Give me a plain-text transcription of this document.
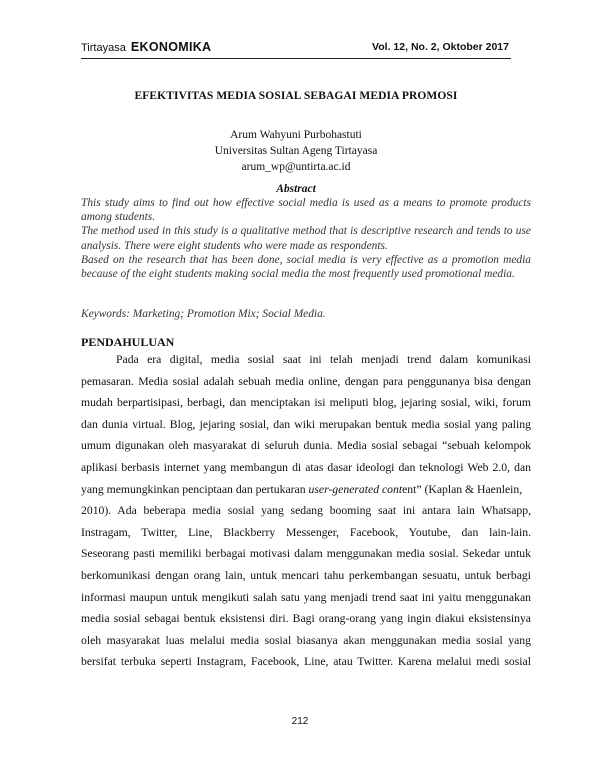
Tirtayasa EKONOMIKA	Vol. 12, No. 2, Oktober 2017
EFEKTIVITAS MEDIA SOSIAL SEBAGAI MEDIA PROMOSI
Arum Wahyuni Purbohastuti
Universitas Sultan Ageng Tirtayasa
arum_wp@untirta.ac.id
Abstract

This study aims to find out how effective social media is used as a means to promote products among students.

The method used in this study is a qualitative method that is descriptive research and tends to use analysis. There were eight students who were made as respondents.

Based on the research that has been done, social media is very effective as a promotion media because of the eight students making social media the most frequently used promotional media.

Keywords: Marketing; Promotion Mix; Social Media.
PENDAHULUAN
Pada era digital, media sosial saat ini telah menjadi trend dalam komunikasi
pemasaran. Media sosial adalah sebuah media online, dengan para penggunanya bisa dengan
mudah berpartisipasi, berbagi, dan menciptakan isi meliputi blog, jejaring sosial, wiki, forum
dan dunia virtual. Blog, jejaring sosial, dan wiki merupakan bentuk media sosial yang paling
umum digunakan oleh masyarakat di seluruh dunia. Media sosial sebagai “sebuah kelompok
aplikasi berbasis internet yang membangun di atas dasar ideologi dan teknologi Web 2.0, dan
yang memungkinkan penciptaan dan pertukaran user-generated content” (Kaplan & Haenlein,
2010). Ada beberapa media sosial yang sedang booming saat ini antara lain Whatsapp,
Instragam, Twitter, Line, Blackberry Messenger, Facebook, Youtube, dan lain-lain.
Seseorang pasti memiliki berbagai motivasi dalam menggunakan media sosial. Sekedar untuk
berkomunikasi dengan orang lain, untuk mencari tahu perkembangan sesuatu, untuk berbagi
informasi maupun untuk mengikuti salah satu yang menjadi trend saat ini yaitu menggunakan
media sosial sebagai bentuk eksistensi diri. Bagi orang-orang yang ingin diakui eksistensinya
oleh masyarakat luas melalui media sosial biasanya akan menggunakan media sosial yang
bersifat terbuka seperti Instagram, Facebook, Line, atau Twitter. Karena melalui medi sosial
212
